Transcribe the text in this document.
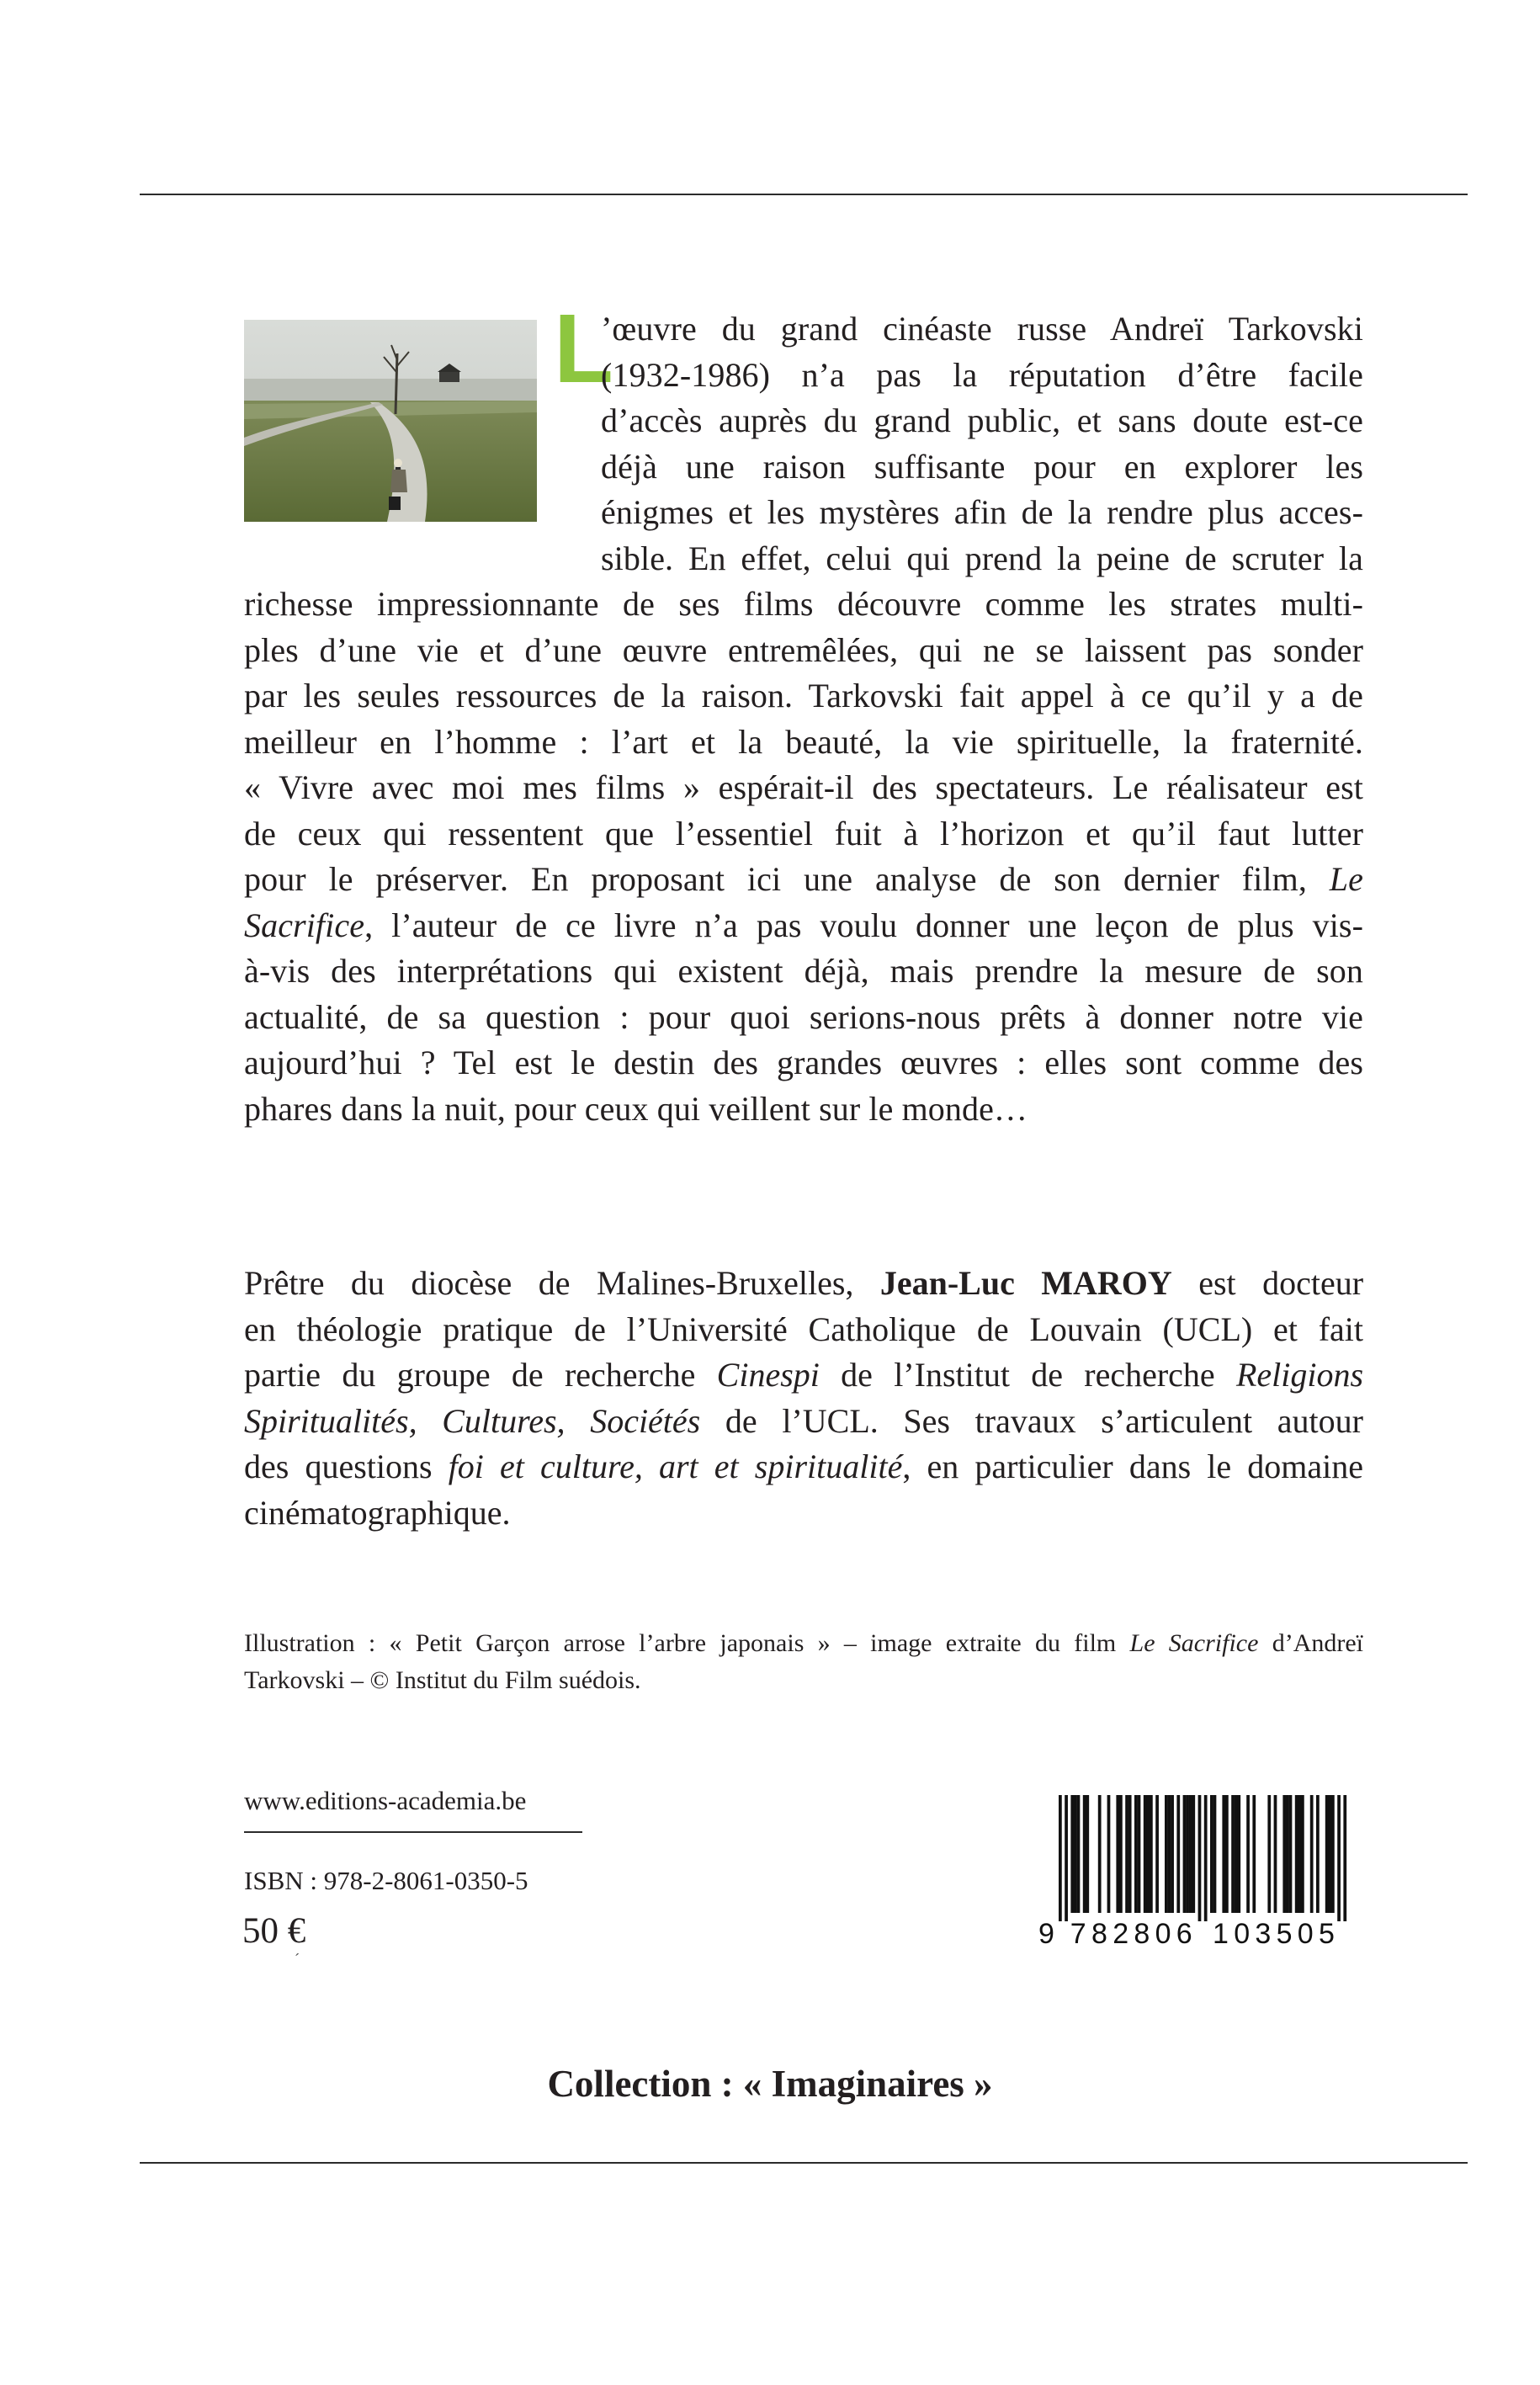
L
’œuvre du grand cinéaste russe Andreï Tarkovski
(1932-1986) n’a pas la réputation d’être facile
d’accès auprès du grand public, et sans doute est-ce
déjà une raison suffisante pour en explorer les
énigmes et les mystères afin de la rendre plus acces-
sible. En effet, celui qui prend la peine de scruter la
richesse impressionnante de ses films découvre comme les strates multi-
ples d’une vie et d’une œuvre entremêlées, qui ne se laissent pas sonder
par les seules ressources de la raison. Tarkovski fait appel à ce qu’il y a de
meilleur en l’homme : l’art et la beauté, la vie spirituelle, la fraternité.
« Vivre avec moi mes films » espérait-il des spectateurs. Le réalisateur est
de ceux qui ressentent que l’essentiel fuit à l’horizon et qu’il faut lutter
pour le préserver. En proposant ici une analyse de son dernier film, Le
Sacrifice, l’auteur de ce livre n’a pas voulu donner une leçon de plus vis-
à-vis des interprétations qui existent déjà, mais prendre la mesure de son
actualité, de sa question : pour quoi serions-nous prêts à donner notre vie
aujourd’hui ? Tel est le destin des grandes œuvres : elles sont comme des
phares dans la nuit, pour ceux qui veillent sur le monde…
Prêtre du diocèse de Malines-Bruxelles, Jean-Luc MAROY est docteur
en théologie pratique de l’Université Catholique de Louvain (UCL) et fait
partie du groupe de recherche Cinespi de l’Institut de recherche Religions
Spiritualités, Cultures, Sociétés de l’UCL. Ses travaux s’articulent autour
des questions foi et culture, art et spiritualité, en particulier dans le domaine
cinématographique.
Illustration : « Petit Garçon arrose l’arbre japonais » – image extraite du film Le Sacrifice d’Andreï
Tarkovski – © Institut du Film suédois.
www.editions-academia.be
ISBN : 978-2-8061-0350-5
50 €
´
9 7 8 2 8 0 6 1 0 3 5 0 5
Collection : « Imaginaires »
